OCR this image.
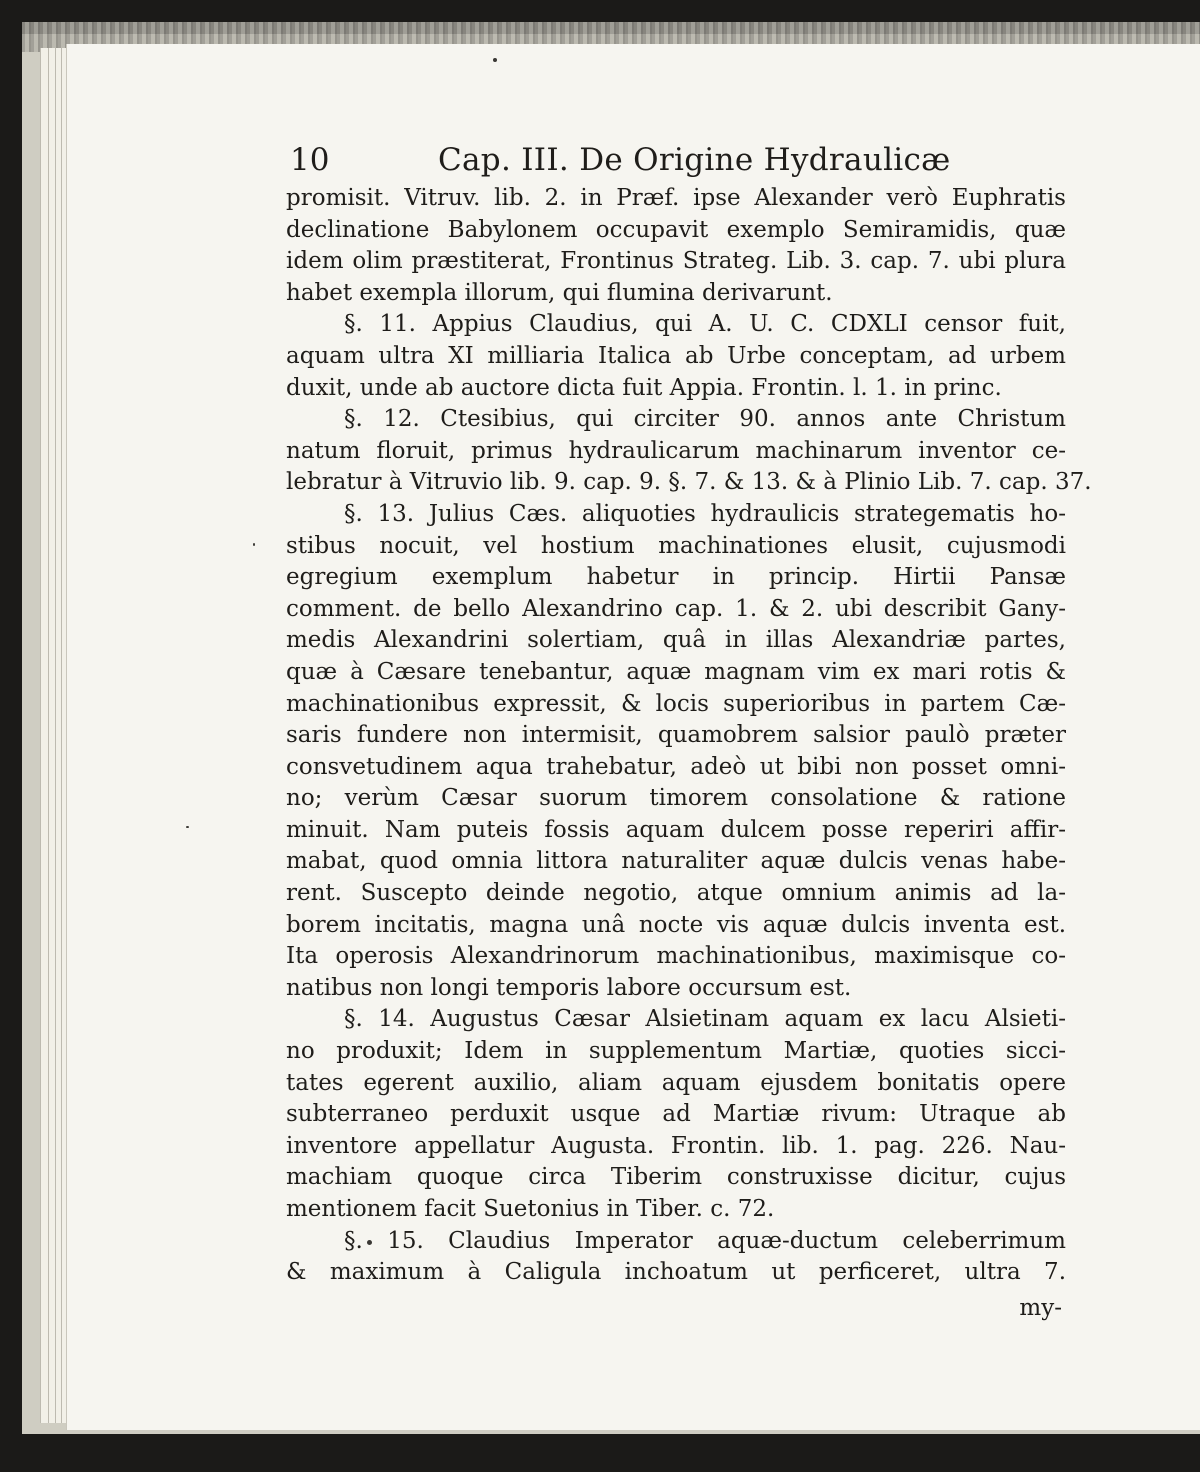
10	Cap. III. De Origine Hydraulicæ
promisit. Vitruv. lib. 2. in Præf. ipse Alexander verò Euphratis
declinatione Babylonem occupavit exemplo Semiramidis, quæ
idem olim præstiterat, Frontinus Strateg. Lib. 3. cap. 7. ubi plura
habet exempla illorum, qui flumina derivarunt.
§. 11. Appius Claudius, qui A. U. C. CDXLI censor fuit,
aquam ultra XI milliaria Italica ab Urbe conceptam, ad urbem
duxit, unde ab auctore dicta fuit Appia. Frontin. l. 1. in princ.
§. 12. Ctesibius, qui circiter 90. annos ante Christum
natum floruit, primus hydraulicarum machinarum inventor ce-
lebratur à Vitruvio lib. 9. cap. 9. §. 7. & 13. & à Plinio Lib. 7. cap. 37.
§. 13. Julius Cæs. aliquoties hydraulicis strategematis ho-
stibus nocuit, vel hostium machinationes elusit, cujusmodi
egregium exemplum habetur in princip. Hirtii Pansæ
comment. de bello Alexandrino cap. 1. & 2. ubi describit Gany-
medis Alexandrini solertiam, quâ in illas Alexandriæ partes,
quæ à Cæsare tenebantur, aquæ magnam vim ex mari rotis &
machinationibus expressit, & locis superioribus in partem Cæ-
saris fundere non intermisit, quamobrem salsior paulò præter
consvetudinem aqua trahebatur, adeò ut bibi non posset omni-
no; verùm Cæsar suorum timorem consolatione & ratione
minuit. Nam puteis fossis aquam dulcem posse reperiri affir-
mabat, quod omnia littora naturaliter aquæ dulcis venas habe-
rent. Suscepto deinde negotio, atque omnium animis ad la-
borem incitatis, magna unâ nocte vis aquæ dulcis inventa est.
Ita operosis Alexandrinorum machinationibus, maximisque co-
natibus non longi temporis labore occursum est.
§. 14. Augustus Cæsar Alsietinam aquam ex lacu Alsieti-
no produxit; Idem in supplementum Martiæ, quoties sicci-
tates egerent auxilio, aliam aquam ejusdem bonitatis opere
subterraneo perduxit usque ad Martiæ rivum: Utraque ab
inventore appellatur Augusta. Frontin. lib. 1. pag. 226. Nau-
machiam quoque circa Tiberim construxisse dicitur, cujus
mentionem facit Suetonius in Tiber. c. 72.
§. 15. Claudius Imperator aquæ-ductum celeberrimum
& maximum à Caligula inchoatum ut perficeret, ultra 7.
my-
